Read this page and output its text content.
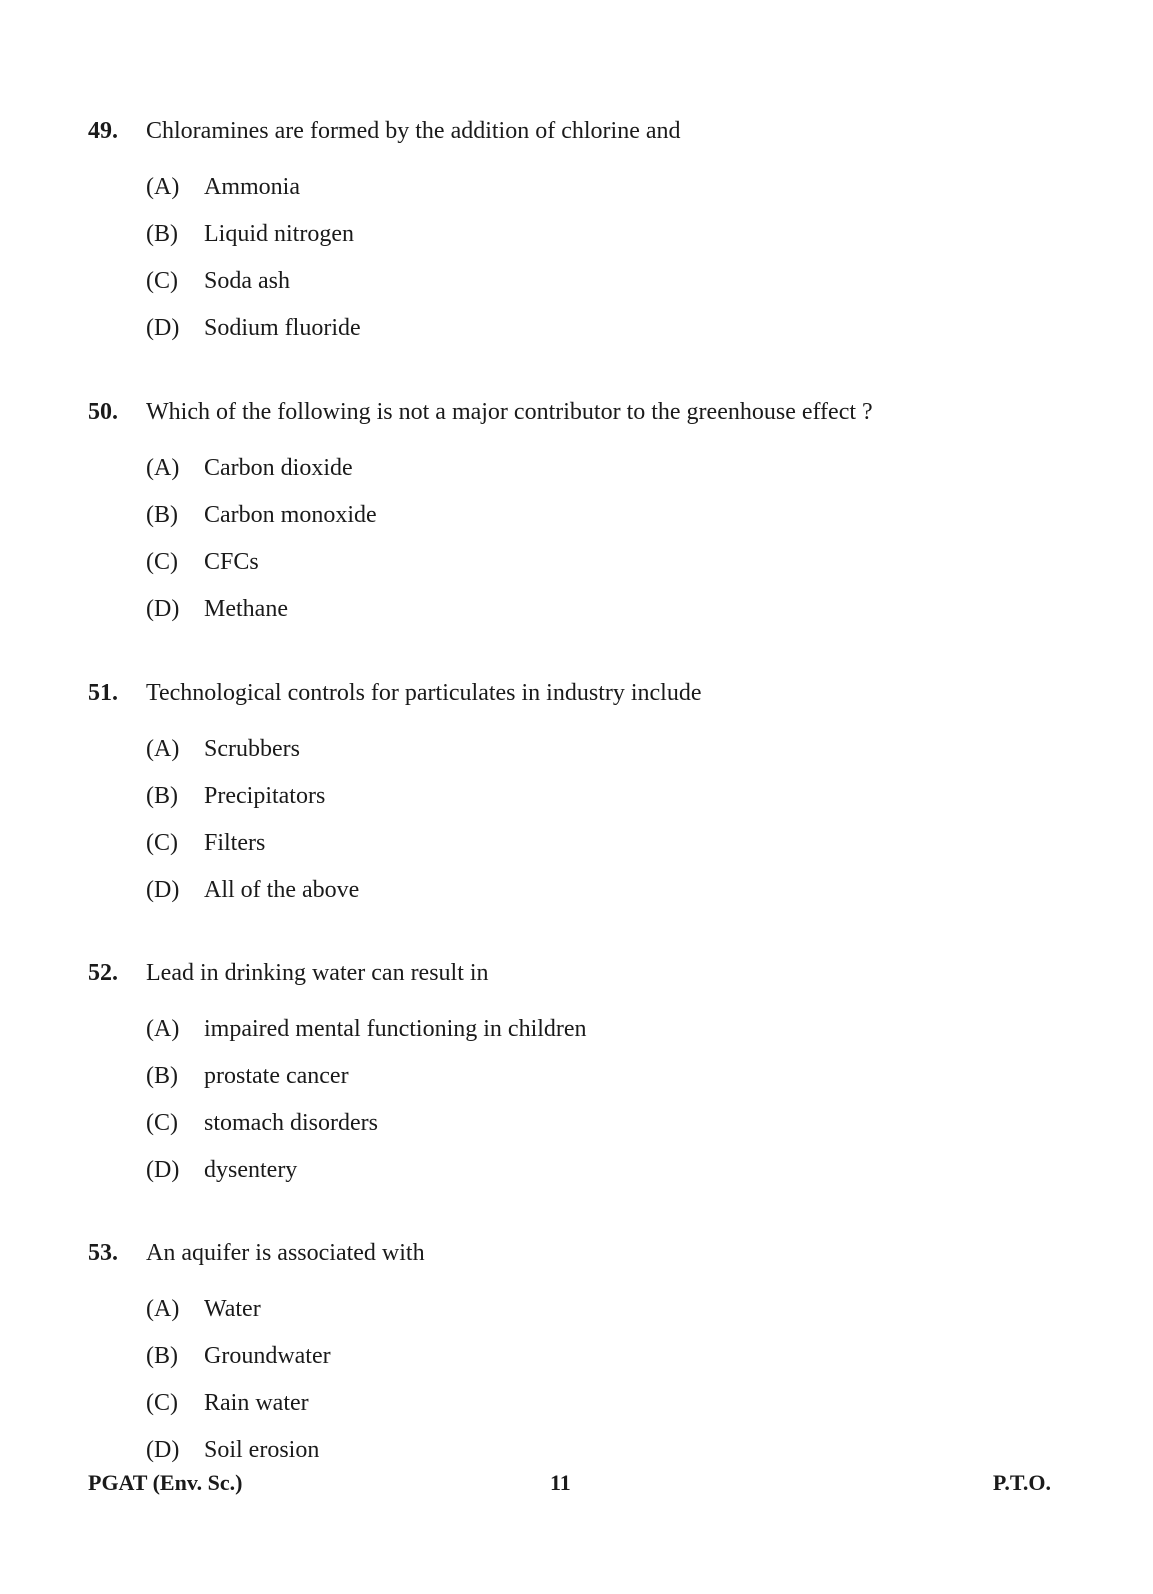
49.	Chloramines are formed by the addition of chlorine and
(A)	Ammonia
(B)	Liquid nitrogen
(C)	Soda ash
(D)	Sodium fluoride
50.	Which of the following is not a major contributor to the greenhouse effect ?
(A)	Carbon dioxide
(B)	Carbon monoxide
(C)	CFCs
(D)	Methane
51.	Technological controls for particulates in industry include
(A)	Scrubbers
(B)	Precipitators
(C)	Filters
(D)	All of the above
52.	Lead in drinking water can result in
(A)	impaired mental functioning in children
(B)	prostate cancer
(C)	stomach disorders
(D)	dysentery
53.	An aquifer is associated with
(A)	Water
(B)	Groundwater
(C)	Rain water
(D)	Soil erosion
PGAT (Env. Sc.)	11	P.T.O.
